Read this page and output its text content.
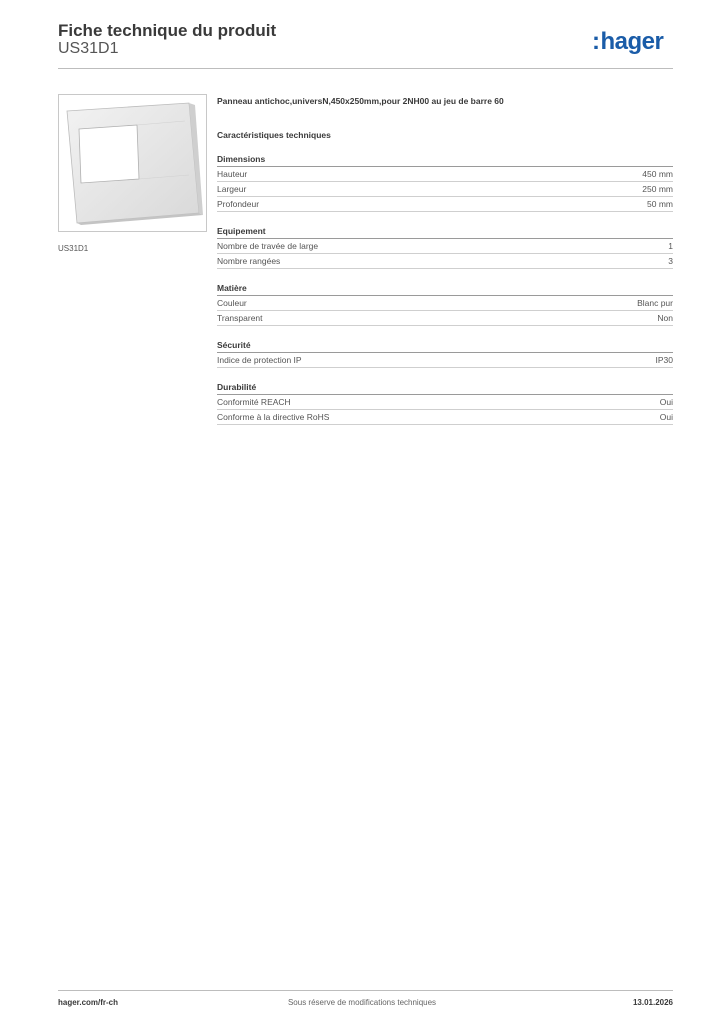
Fiche technique du produit
US31D1	:hager
US31D1

Panneau antichoc,universN,450x250mm,pour 2NH00 au jeu de barre 60

Caractéristiques techniques
Dimensions
Hauteur	450 mm
Largeur	250 mm
Profondeur	50 mm
Equipement
Nombre de travée de large	1
Nombre rangées	3
Matière
Couleur	Blanc pur
Transparent	Non
Sécurité
Indice de protection IP	IP30
Durabilité
Conformité REACH	Oui
Conforme à la directive RoHS	Oui
hager.com/fr-ch	Sous réserve de modifications techniques	13.01.2026
